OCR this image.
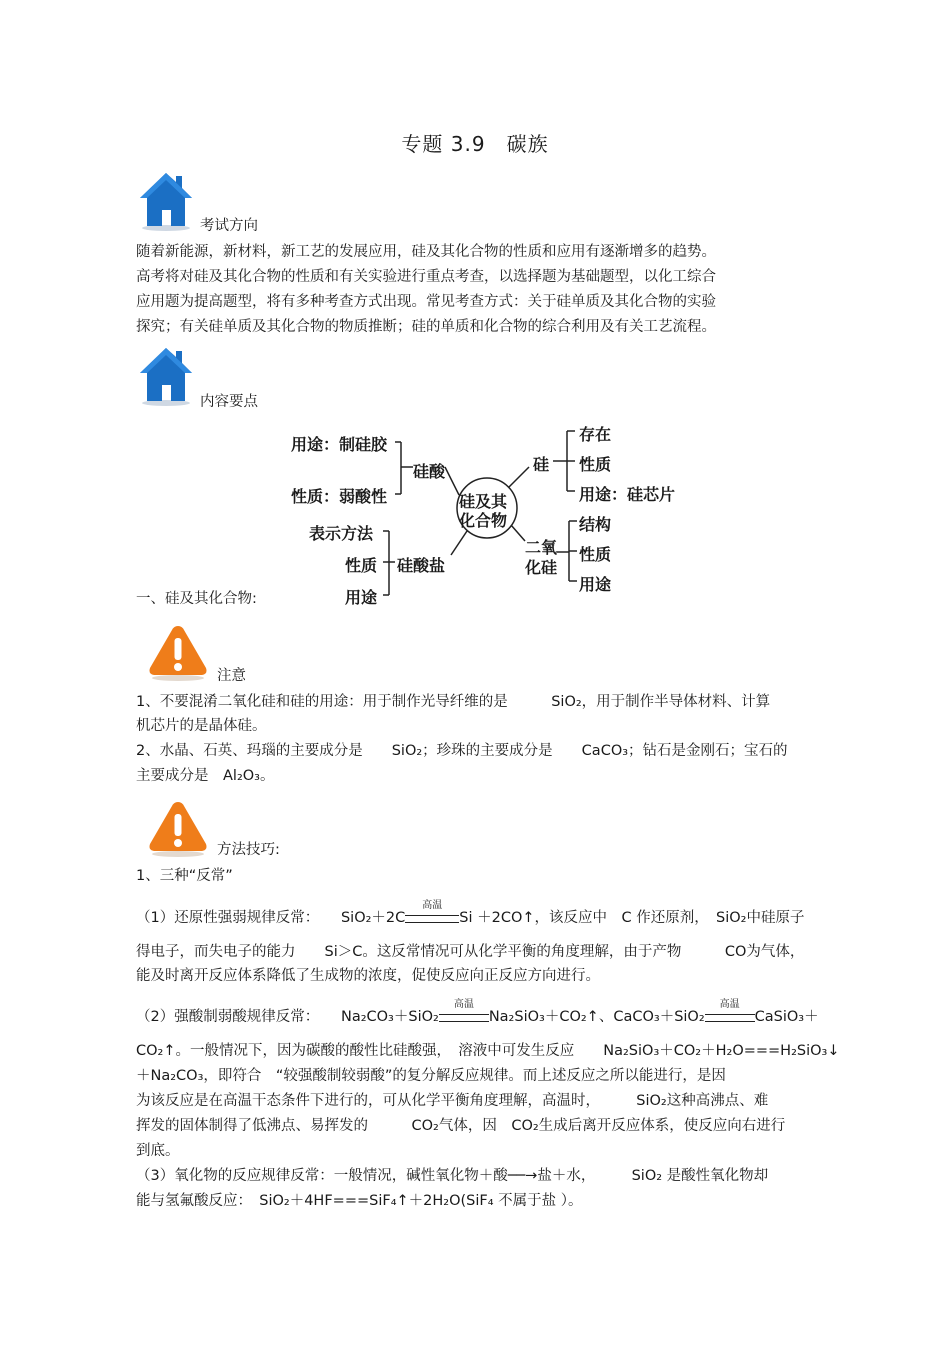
专题 3.9　碳族
考试方向
随着新能源，新材料，新工艺的发展应用，硅及其化合物的性质和应用有逐渐增多的趋势。
高考将对硅及其化合物的性质和有关实验进行重点考查，以选择题为基础题型，以化工综合
应用题为提高题型，将有多种考查方式出现。常见考查方式：关于硅单质及其化合物的实验
探究；有关硅单质及其化合物的物质推断；硅的单质和化合物的综合利用及有关工艺流程。
内容要点
硅及其
化合物
硅酸
用途：制硅胶
性质：弱酸性
硅
存在
性质
用途：硅芯片
硅酸盐
表示方法
性质
用途
二氧
化硅
结构
性质
用途
一、硅及其化合物:
注意
1、不要混淆二氧化硅和硅的用途：用于制作光导纤维的是　　　SiO₂，用于制作半导体材料、计算
机芯片的是晶体硅。
2、水晶、石英、玛瑙的主要成分是　　SiO₂；珍珠的主要成分是　　CaCO₃；钻石是金刚石；宝石的
主要成分是　Al₂O₃。
方法技巧:
1、三种“反常”
（1）还原性强弱规律反常：　　SiO₂＋2C
高温
Si ＋2CO↑，该反应中　C 作还原剂，　SiO₂中硅原子
得电子，而失电子的能力　　Si＞C。这反常情况可从化学平衡的角度理解，由于产物　　　CO为气体，
能及时离开反应体系降低了生成物的浓度，促使反应向正反应方向进行。
（2）强酸制弱酸规律反常：　　Na₂CO₃＋SiO₂
高温
Na₂SiO₃＋CO₂↑、CaCO₃＋SiO₂
高温
CaSiO₃＋
CO₂↑。一般情况下，因为碳酸的酸性比硅酸强，　溶液中可发生反应　　Na₂SiO₃＋CO₂＋H₂O===H₂SiO₃↓
＋Na₂CO₃，即符合　“较强酸制较弱酸”的复分解反应规律。而上述反应之所以能进行，是因
为该反应是在高温干态条件下进行的，可从化学平衡角度理解，高温时，　　　SiO₂这种高沸点、难
挥发的固体制得了低沸点、易挥发的　　　CO₂气体，因　CO₂生成后离开反应体系，使反应向右进行
到底。
（3）氧化物的反应规律反常：一般情况，碱性氧化物＋酸──→盐＋水，　　　SiO₂ 是酸性氧化物却
能与氢氟酸反应：　SiO₂＋4HF===SiF₄↑＋2H₂O(SiF₄ 不属于盐 ）。
